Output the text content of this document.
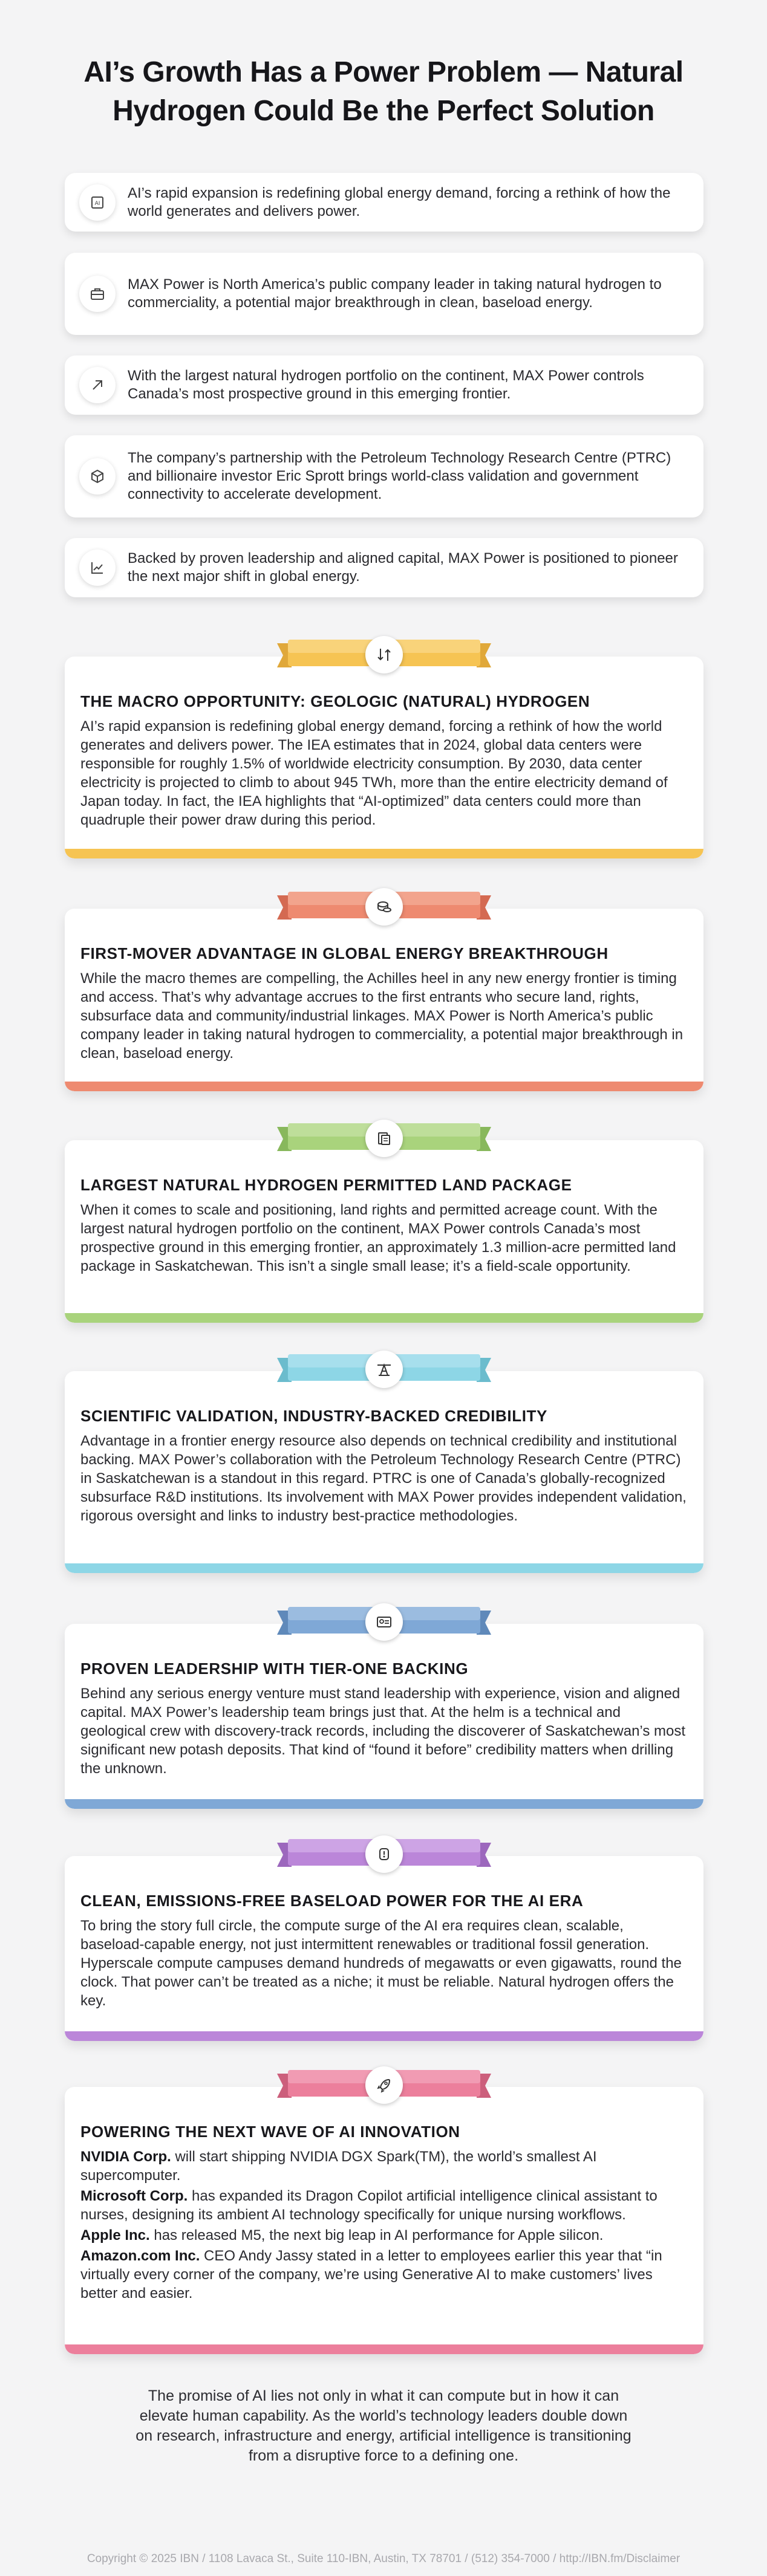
AI’s Growth Has a Power Problem — Natural Hydrogen Could Be the Perfect Solution
AI

AI’s rapid expansion is redefining global energy demand, forcing a rethink of how the world generates and delivers power.

MAX Power is North America’s public company leader in taking natural hydrogen to commerciality, a potential major breakthrough in clean, baseload energy.

With the largest natural hydrogen portfolio on the continent, MAX Power controls Canada’s most prospective ground in this emerging frontier.

The company’s partnership with the Petroleum Technology Research Centre (PTRC) and billionaire investor Eric Sprott brings world-class validation and government connectivity to accelerate development.

Backed by proven leadership and aligned capital, MAX Power is positioned to pioneer the next major shift in global energy.

THE MACRO OPPORTUNITY: GEOLOGIC (NATURAL) HYDROGEN

AI’s rapid expansion is redefining global energy demand, forcing a rethink of how the world generates and delivers power. The IEA estimates that in 2024, global data centers were responsible for roughly 1.5% of worldwide electricity consumption. By 2030, data center electricity is projected to climb to about 945 TWh, more than the entire electricity demand of Japan today. In fact, the IEA highlights that “AI-optimized” data centers could more than quadruple their power draw during this period.

FIRST-MOVER ADVANTAGE IN GLOBAL ENERGY BREAKTHROUGH

While the macro themes are compelling, the Achilles heel in any new energy frontier is timing and access. That’s why advantage accrues to the first entrants who secure land, rights, subsurface data and community/industrial linkages. MAX Power is North America’s public company leader in taking natural hydrogen to commerciality, a potential major breakthrough in clean, baseload energy.

LARGEST NATURAL HYDROGEN PERMITTED LAND PACKAGE

When it comes to scale and positioning, land rights and permitted acreage count. With the largest natural hydrogen portfolio on the continent, MAX Power controls Canada’s most prospective ground in this emerging frontier, an approximately 1.3 million-acre permitted land package in Saskatchewan. This isn’t a single small lease; it’s a field-scale opportunity.

SCIENTIFIC VALIDATION, INDUSTRY-BACKED CREDIBILITY

Advantage in a frontier energy resource also depends on technical credibility and institutional backing. MAX Power’s collaboration with the Petroleum Technology Research Centre (PTRC) in Saskatchewan is a standout in this regard. PTRC is one of Canada’s globally-recognized subsurface R&D institutions. Its involvement with MAX Power provides independent validation, rigorous oversight and links to industry best-practice methodologies.

PROVEN LEADERSHIP WITH TIER-ONE BACKING

Behind any serious energy venture must stand leadership with experience, vision and aligned capital. MAX Power’s leadership team brings just that. At the helm is a technical and geological crew with discovery-track records, including the discoverer of Saskatchewan’s most significant new potash deposits. That kind of “found it before” credibility matters when drilling the unknown.

CLEAN, EMISSIONS-FREE BASELOAD POWER FOR THE AI ERA

To bring the story full circle, the compute surge of the AI era requires clean, scalable, baseload-capable energy, not just intermittent renewables or traditional fossil generation. Hyperscale compute campuses demand hundreds of megawatts or even gigawatts, round the clock. That power can’t be treated as a niche; it must be reliable. Natural hydrogen offers the key.

POWERING THE NEXT WAVE OF AI INNOVATION

NVIDIA Corp. will start shipping NVIDIA DGX Spark(TM), the world’s smallest AI supercomputer.

Microsoft Corp. has expanded its Dragon Copilot artificial intelligence clinical assistant to nurses, designing its ambient AI technology specifically for unique nursing workflows.

Apple Inc. has released M5, the next big leap in AI performance for Apple silicon.

Amazon.com Inc. CEO Andy Jassy stated in a letter to employees earlier this year that “in virtually every corner of the company, we’re using Generative AI to make customers’ lives better and easier.

The promise of AI lies not only in what it can compute but in how it can elevate human capability. As the world’s technology leaders double down on research, infrastructure and energy, artificial intelligence is transitioning from a disruptive force to a defining one.

Copyright © 2025 IBN / 1108 Lavaca St., Suite 110-IBN, Austin, TX 78701 / (512) 354-7000 / http://IBN.fm/Disclaimer
